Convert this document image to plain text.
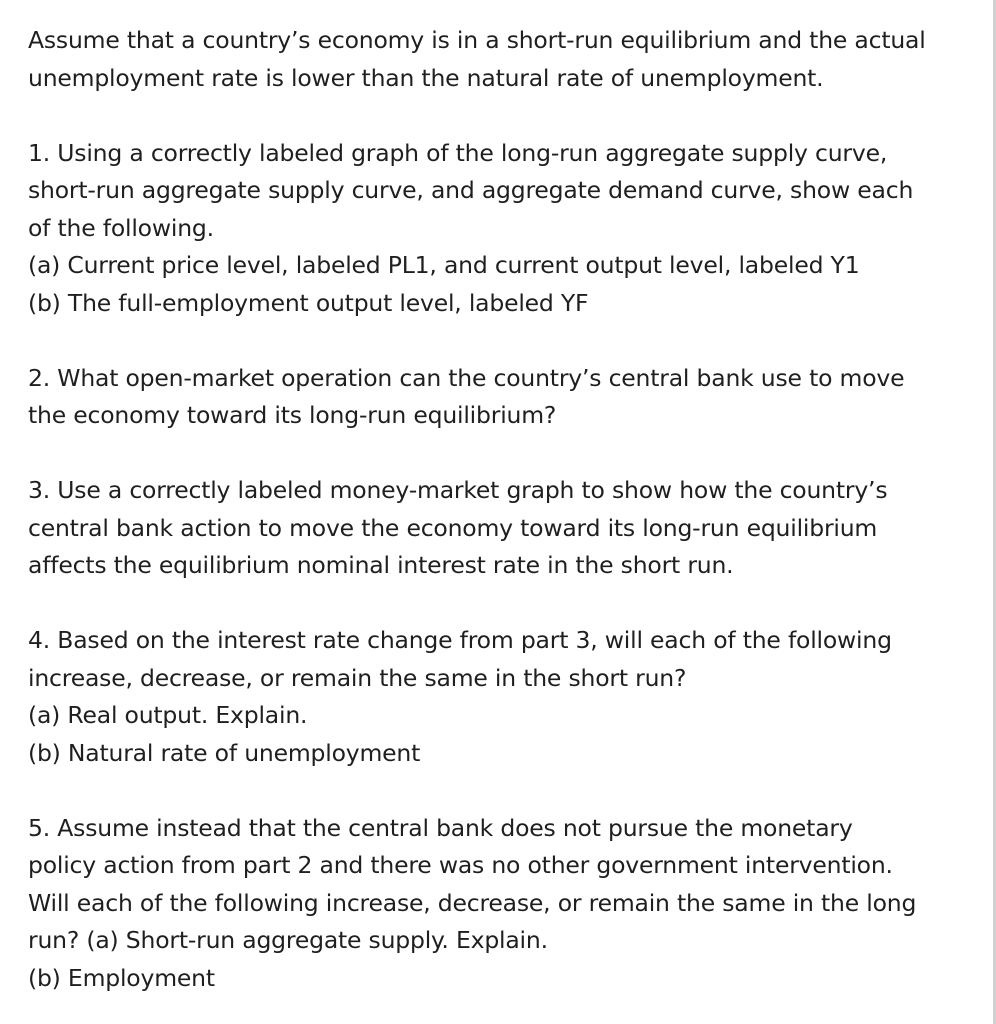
Assume that a country’s economy is in a short-run equilibrium and the actual
unemployment rate is lower than the natural rate of unemployment.
1. Using a correctly labeled graph of the long-run aggregate supply curve,
short-run aggregate supply curve, and aggregate demand curve, show each
of the following.
(a) Current price level, labeled PL1, and current output level, labeled Y1
(b) The full-employment output level, labeled YF
2. What open-market operation can the country’s central bank use to move
the economy toward its long-run equilibrium?
3. Use a correctly labeled money-market graph to show how the country’s
central bank action to move the economy toward its long-run equilibrium
affects the equilibrium nominal interest rate in the short run.
4. Based on the interest rate change from part 3, will each of the following
increase, decrease, or remain the same in the short run?
(a) Real output. Explain.
(b) Natural rate of unemployment
5. Assume instead that the central bank does not pursue the monetary
policy action from part 2 and there was no other government intervention.
Will each of the following increase, decrease, or remain the same in the long
run? (a) Short-run aggregate supply. Explain.
(b) Employment
